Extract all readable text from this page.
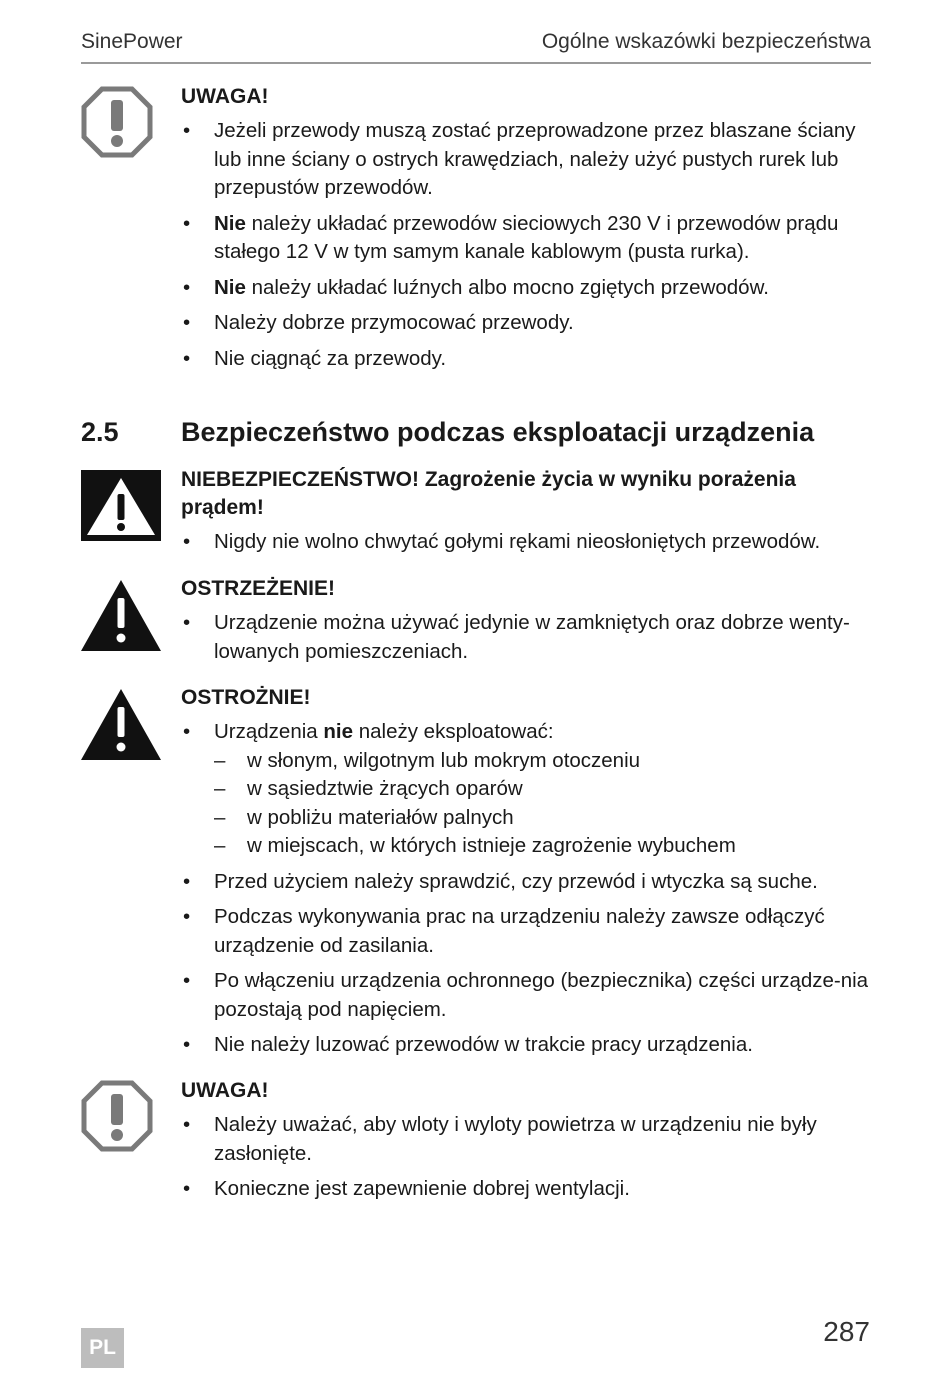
SinePower	Ogólne wskazówki bezpieczeństwa
UWAGA!
• Jeżeli przewody muszą zostać przeprowadzone przez blaszane ściany lub inne ściany o ostrych krawędziach, należy użyć pustych rurek lub przepustów przewodów.
• Nie należy układać przewodów sieciowych 230 V i przewodów prądu stałego 12 V w tym samym kanale kablowym (pusta rurka).
• Nie należy układać luźnych albo mocno zgiętych przewodów.
• Należy dobrze przymocować przewody.
• Nie ciągnąć za przewody.
2.5 Bezpieczeństwo podczas eksploatacji urządzenia
NIEBEZPIECZEŃSTWO! Zagrożenie życia w wyniku porażenia prądem!
• Nigdy nie wolno chwytać gołymi rękami nieosłoniętych przewodów.
OSTRZEŻENIE!
• Urządzenie można używać jedynie w zamkniętych oraz dobrze wenty-lowanych pomieszczeniach.
OSTROŻNIE!
• Urządzenia nie należy eksploatować:
– w słonym, wilgotnym lub mokrym otoczeniu
– w sąsiedztwie żrących oparów
– w pobliżu materiałów palnych
– w miejscach, w których istnieje zagrożenie wybuchem
• Przed użyciem należy sprawdzić, czy przewód i wtyczka są suche.
• Podczas wykonywania prac na urządzeniu należy zawsze odłączyć urządzenie od zasilania.
• Po włączeniu urządzenia ochronnego (bezpiecznika) części urządze-nia pozostają pod napięciem.
• Nie należy luzować przewodów w trakcie pracy urządzenia.
UWAGA!
• Należy uważać, aby wloty i wyloty powietrza w urządzeniu nie były zasłonięte.
• Konieczne jest zapewnienie dobrej wentylacji.
287
PL
